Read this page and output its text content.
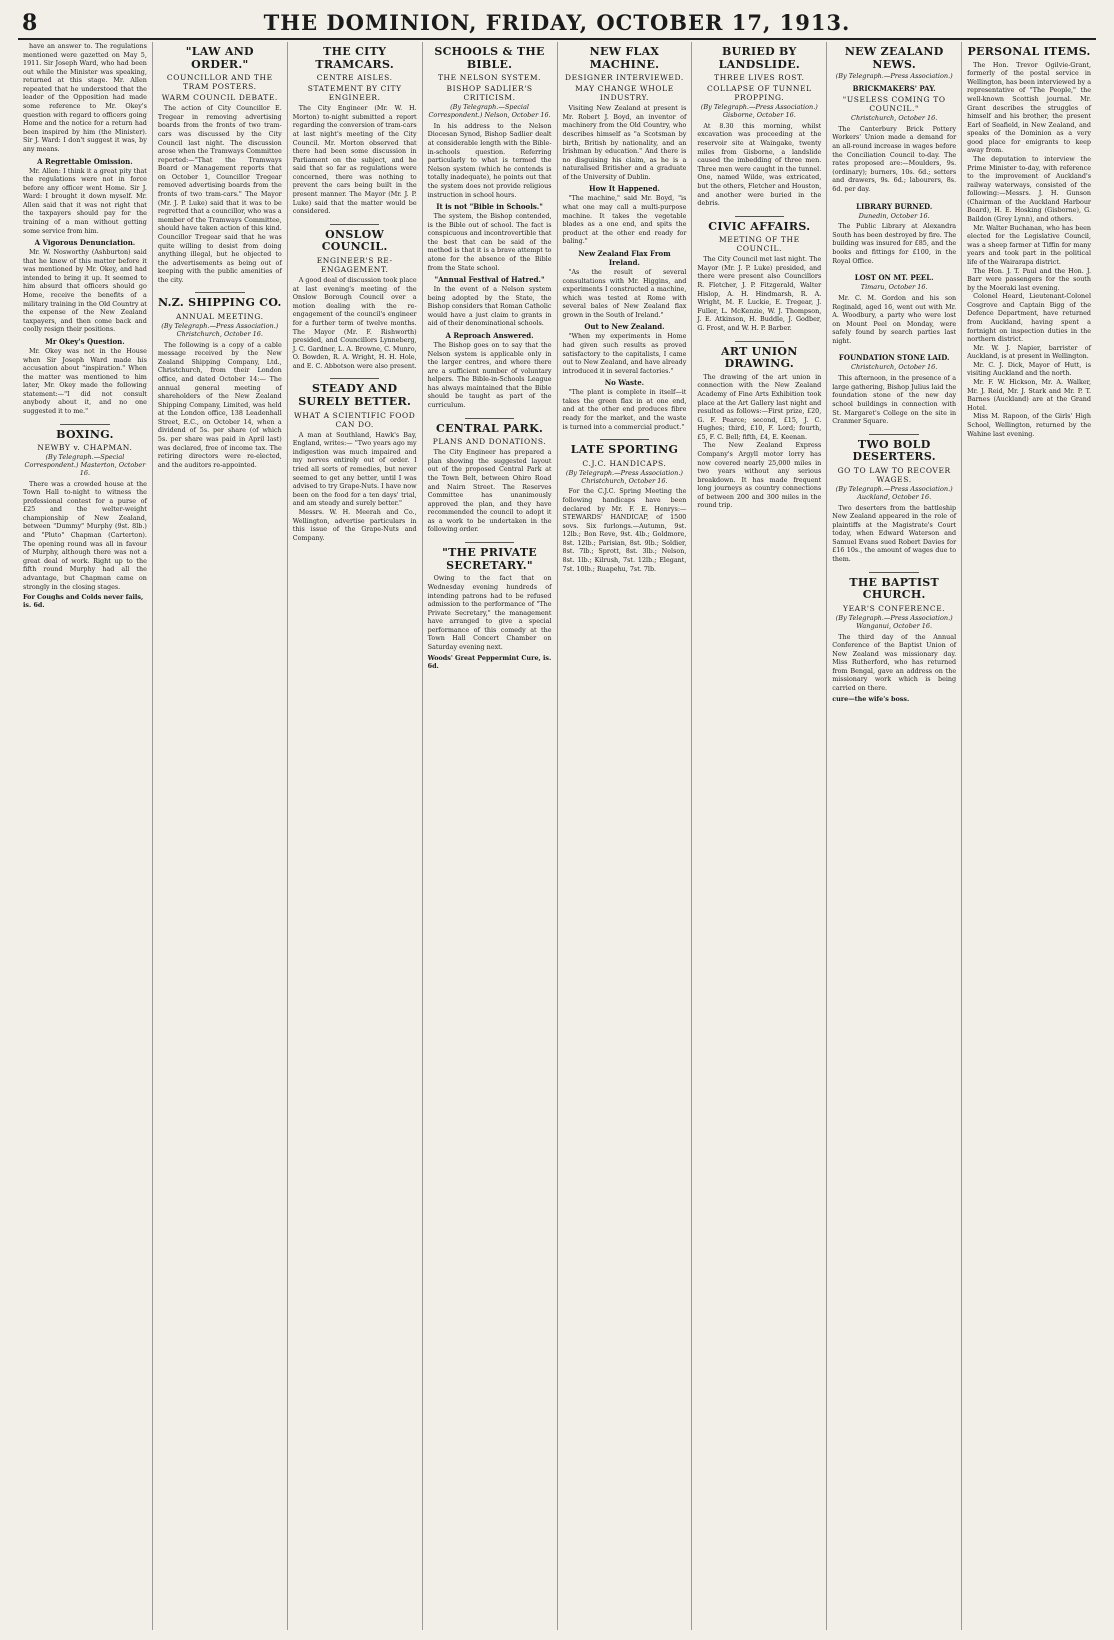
8	THE DOMINION, FRIDAY, OCTOBER 17, 1913.

have an answer to. The regulations mentioned were gazetted on May 5, 1911. Sir Joseph Ward, who had been out while the Minister was speaking, returned at this stage. Mr. Allen repeated that he understood that the leader of the Opposition had made some reference to Mr. Okey's question with regard to officers going Home and the notice for a return had been inspired by him (the Minister). Sir J. Ward: I don't suggest it was, by any means.

A Regrettable Omission.

Mr. Allen: I think it a great pity that the regulations were not in force before any officer went Home. Sir J. Ward: I brought it down myself. Mr. Allen said that it was not right that the taxpayers should pay for the training of a man without getting some service from him.

A Vigorous Denunciation.

Mr. W. Nosworthy (Ashburton) said that he knew of this matter before it was mentioned by Mr. Okey, and had intended to bring it up. It seemed to him absurd that officers should go Home, receive the benefits of a military training in the Old Country at the expense of the New Zealand taxpayers, and then come back and coolly resign their positions.

Mr Okey's Question.

Mr. Okey was not in the House when Sir Joseph Ward made his accusation about "inspiration." When the matter was mentioned to him later, Mr. Okey made the following statement:—"I did not consult anybody about it, and no one suggested it to me."

BOXING.
NEWBY v. CHAPMAN.
(By Telegraph.—Special Correspondent.) Masterton, October 16.

There was a crowded house at the Town Hall to-night to witness the professional contest for a purse of £25 and the welter-weight championship of New Zealand, between "Dummy" Murphy (9st. 8lb.) and "Pluto" Chapman (Carterton). The opening round was all in favour of Murphy, although there was not a great deal of work. Right up to the fifth round Murphy had all the advantage, but Chapman came on strongly in the closing stages.

For Coughs and Colds never fails, is. 6d.
"LAW AND ORDER."
COUNCILLOR AND THE TRAM POSTERS.
WARM COUNCIL DEBATE.

The action of City Councillor E. Tregear in removing advertising boards from the fronts of two tram-cars was discussed by the City Council last night. The discussion arose when the Tramways Committee reported:—"That the Tramways Board or Management reports that on October 1, Councillor Tregear removed advertising boards from the fronts of two tram-cars." The Mayor (Mr. J. P. Luke) said that it was to be regretted that a councillor, who was a member of the Tramways Committee, should have taken action of this kind. Councillor Tregear said that he was quite willing to desist from doing anything illegal, but he objected to the advertisements as being out of keeping with the public amenities of the city.

N.Z. SHIPPING CO.
ANNUAL MEETING.
(By Telegraph.—Press Association.) Christchurch, October 16.

The following is a copy of a cable message received by the New Zealand Shipping Company, Ltd., Christchurch, from their London office, and dated October 14:— The annual general meeting of shareholders of the New Zealand Shipping Company, Limited, was held at the London office, 138 Leadenhall Street, E.C., on October 14, when a dividend of 5s. per share (of which 5s. per share was paid in April last) was declared, free of income tax. The retiring directors were re-elected, and the auditors re-appointed.

THE CITY TRAMCARS.
CENTRE AISLES.
STATEMENT BY CITY ENGINEER.

The City Engineer (Mr. W. H. Morton) to-night submitted a report regarding the conversion of tram-cars at last night's meeting of the City Council. Mr. Morton observed that there had been some discussion in Parliament on the subject, and he said that so far as regulations were concerned, there was nothing to prevent the cars being built in the present manner. The Mayor (Mr. J. P. Luke) said that the matter would be considered.

ONSLOW COUNCIL.
ENGINEER'S RE-ENGAGEMENT.

A good deal of discussion took place at last evening's meeting of the Onslow Borough Council over a motion dealing with the re-engagement of the council's engineer for a further term of twelve months. The Mayor (Mr. F. Rishworth) presided, and Councillors Lynneberg, J. C. Gardner, L. A. Browne, C. Munro, O. Bowden, R. A. Wright, H. H. Hole, and E. C. Abbotson were also present.

STEADY AND SURELY BETTER.
WHAT A SCIENTIFIC FOOD CAN DO.

A man at Southland, Hawk's Bay, England, writes:— "Two years ago my indigestion was much impaired and my nerves entirely out of order. I tried all sorts of remedies, but never seemed to get any better, until I was advised to try Grape-Nuts. I have now been on the food for a ten days' trial, and am steady and surely better."

Messrs. W. H. Meerah and Co., Wellington, advertise particulars in this issue of the Grape-Nuts and Company.

SCHOOLS & THE BIBLE.
THE NELSON SYSTEM.
BISHOP SADLIER'S CRITICISM.
(By Telegraph.—Special Correspondent.) Nelson, October 16.

In his address to the Nelson Diocesan Synod, Bishop Sadlier dealt at considerable length with the Bible-in-schools question. Referring particularly to what is termed the Nelson system (which he contends is totally inadequate), he points out that the system does not provide religious instruction in school hours.

It is not "Bible in Schools."

The system, the Bishop contended, is the Bible out of school. The fact is conspicuous and incontrovertible that the best that can be said of the method is that it is a brave attempt to atone for the absence of the Bible from the State school.

"Annual Festival of Hatred."

In the event of a Nelson system being adopted by the State, the Bishop considers that Roman Catholic would have a just claim to grants in aid of their denominational schools.

A Reproach Answered.

The Bishop goes on to say that the Nelson system is applicable only in the larger centres, and where there are a sufficient number of voluntary helpers. The Bible-in-Schools League has always maintained that the Bible should be taught as part of the curriculum.

CENTRAL PARK.
PLANS AND DONATIONS.

The City Engineer has prepared a plan showing the suggested layout out of the proposed Central Park at the Town Belt, between Ohiro Road and Nairn Street. The Reserves Committee has unanimously approved the plan, and they have recommended the council to adopt it as a work to be undertaken in the following order.

"THE PRIVATE SECRETARY."

Owing to the fact that on Wednesday evening hundreds of intending patrons had to be refused admission to the performance of "The Private Secretary," the management have arranged to give a special performance of this comedy at the Town Hall Concert Chamber on Saturday evening next.

Woods' Great Peppermint Cure, is. 6d.
NEW FLAX MACHINE.
DESIGNER INTERVIEWED.
MAY CHANGE WHOLE INDUSTRY.

Visiting New Zealand at present is Mr. Robert J. Boyd, an inventor of machinery from the Old Country, who describes himself as "a Scotsman by birth, British by nationality, and an Irishman by education." And there is no disguising his claim, as he is a naturalised Britisher and a graduate of the University of Dublin.

How It Happened.

"The machine," said Mr. Boyd, "is what one may call a multi-purpose machine. It takes the vegetable blades as a one end, and spits the product at the other end ready for baling."

New Zealand Flax From Ireland.

"As the result of several consultations with Mr. Higgins, and experiments I constructed a machine, which was tested at Rome with several bales of New Zealand flax grown in the South of Ireland."

Out to New Zealand.

"When my experiments in Home had given such results as proved satisfactory to the capitalists, I came out to New Zealand, and have already introduced it in several factories."

No Waste.

"The plant is complete in itself—it takes the green flax in at one end, and at the other end produces fibre ready for the market, and the waste is turned into a commercial product."

LATE SPORTING
C.J.C. HANDICAPS.
(By Telegraph.—Press Association.) Christchurch, October 16.

For the C.J.C. Spring Meeting the following handicaps have been declared by Mr. F. E. Henrys:— STEWARDS' HANDICAP, of 1500 sovs. Six furlongs.—Autumn, 9st. 12lb.; Bon Reve, 9st. 4lb.; Goldmore, 8st. 12lb.; Parisian, 8st. 9lb.; Soldier, 8st. 7lb.; Sprott, 8st. 3lb.; Nelson, 8st. 1lb.; Kilrush, 7st. 12lb.; Elegant, 7st. 10lb.; Ruapehu, 7st. 7lb.

BURIED BY LANDSLIDE.
THREE LIVES ROST.
COLLAPSE OF TUNNEL PROPPING.
(By Telegraph.—Press Association.) Gisborne, October 16.

At 8.30 this morning, whilst excavation was proceeding at the reservoir site at Waingake, twenty miles from Gisborne, a landslide caused the imbedding of three men. Three men were caught in the tunnel. One, named Wilde, was extricated, but the others, Fletcher and Houston, and another were buried in the debris.

CIVIC AFFAIRS.
MEETING OF THE COUNCIL.

The City Council met last night. The Mayor (Mr. J. P. Luke) presided, and there were present also Councillors R. Fletcher, J. P. Fitzgerald, Walter Hislop, A. H. Hindmarsh, R. A. Wright, M. F. Luckie, E. Tregear, J. Fuller, L. McKenzie, W. J. Thompson, J. E. Atkinson, H. Buddle, J. Godber, G. Frost, and W. H. P. Barber.

ART UNION DRAWING.

The drawing of the art union in connection with the New Zealand Academy of Fine Arts Exhibition took place at the Art Gallery last night and resulted as follows:—First prize, £20, G. F. Pearce; second, £15, J. C. Hughes; third, £10, F. Lord; fourth, £5, F. C. Bell; fifth, £4, E. Keenan.

The New Zealand Express Company's Argyll motor lorry has now covered nearly 25,000 miles in two years without any serious breakdown. It has made frequent long journeys as country connections of between 200 and 300 miles in the round trip.

NEW ZEALAND NEWS.
(By Telegraph.—Press Association.)
BRICKMAKERS' PAY.
"USELESS COMING TO COUNCIL."
Christchurch, October 16.

The Canterbury Brick Pottery Workers' Union made a demand for an all-round increase in wages before the Conciliation Council to-day. The rates proposed are:—Moulders, 9s. (ordinary); burners, 10s. 6d.; setters and drawers, 9s. 6d.; labourers, 8s. 6d. per day.

LIBRARY BURNED.
Dunedin, October 16.

The Public Library at Alexandra South has been destroyed by fire. The building was insured for £85, and the books and fittings for £100, in the Royal Office.

LOST ON MT. PEEL.
Timaru, October 16.

Mr. C. M. Gordon and his son Reginald, aged 16, went out with Mr. A. Woodbury, a party who were lost on Mount Peel on Monday, were safely found by search parties last night.

FOUNDATION STONE LAID.
Christchurch, October 16.

This afternoon, in the presence of a large gathering, Bishop Julius laid the foundation stone of the new day school buildings in connection with St. Margaret's College on the site in Cranmer Square.

TWO BOLD DESERTERS.
GO TO LAW TO RECOVER WAGES.
(By Telegraph.—Press Association.) Auckland, October 16.

Two deserters from the battleship New Zealand appeared in the role of plaintiffs at the Magistrate's Court today, when Edward Waterson and Samuel Evans sued Robert Davies for £16 10s., the amount of wages due to them.

THE BAPTIST CHURCH.
YEAR'S CONFERENCE.
(By Telegraph.—Press Association.) Wanganui, October 16.

The third day of the Annual Conference of the Baptist Union of New Zealand was missionary day. Miss Rutherford, who has returned from Bengal, gave an address on the missionary work which is being carried on there.

cure—the wife's boss.
PERSONAL ITEMS.

The Hon. Trevor Ogilvie-Grant, formerly of the postal service in Wellington, has been interviewed by a representative of "The People," the well-known Scottish journal. Mr. Grant describes the struggles of himself and his brother, the present Earl of Seafield, in New Zealand, and speaks of the Dominion as a very good place for emigrants to keep away from.

The deputation to interview the Prime Minister to-day, with reference to the improvement of Auckland's railway waterways, consisted of the following:—Messrs. J. H. Gunson (Chairman of the Auckland Harbour Board), H. E. Hosking (Gisborne), G. Baildon (Grey Lynn), and others.

Mr. Walter Buchanan, who has been elected for the Legislative Council, was a sheep farmer at Tiffin for many years and took part in the political life of the Wairarapa district.

The Hon. J. T. Paul and the Hon. J. Barr were passengers for the south by the Moeraki last evening.

Colonel Heard, Lieutenant-Colonel Cosgrove and Captain Bigg of the Defence Department, have returned from Auckland, having spent a fortnight on inspection duties in the northern district.

Mr. W. J. Napier, barrister of Auckland, is at present in Wellington.

Mr. C. J. Dick, Mayor of Hutt, is visiting Auckland and the north.

Mr. F. W. Hickson, Mr. A. Walker, Mr. J. Reid, Mr. J. Stark and Mr. P. T. Barnes (Auckland) are at the Grand Hotel.

Miss M. Rapoon, of the Girls' High School, Wellington, returned by the Wahine last evening.
